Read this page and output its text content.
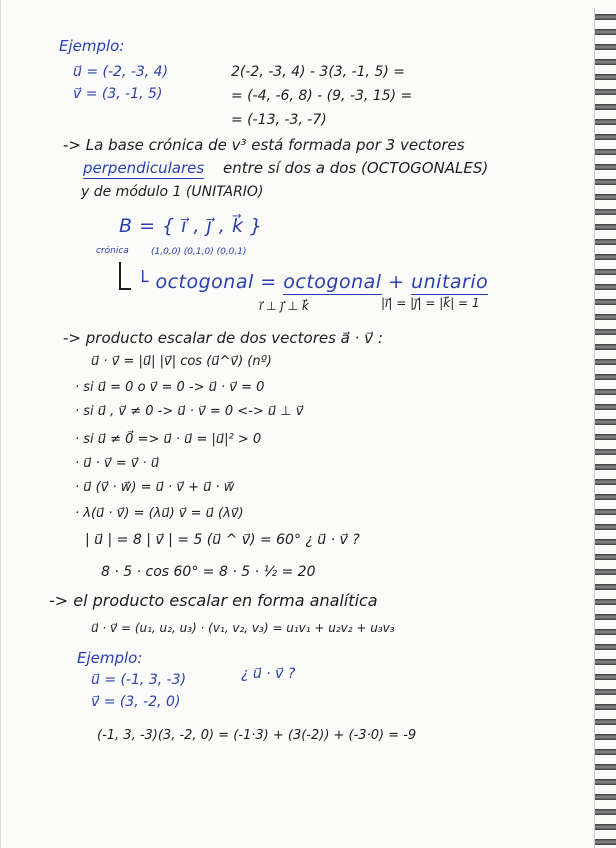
Ejemplo:
u⃗ = (-2, -3, 4)
v⃗ = (3, -1, 5)
2(-2, -3, 4) - 3(3, -1, 5) =
= (-4, -6, 8) - (9, -3, 15) =
= (-13, -3, -7)
-> La base crónica de v³ está formada por 3 vectores
perpendiculares entre sí dos a dos (OCTOGONALES)
y de módulo 1 (UNITARIO)
B = { i⃗ , j⃗ , k⃗ }
crónica (1,0,0) (0,1,0) (0,0,1)
└ octogonal = octogonal + unitario
i⃗ ⊥ j⃗ ⊥ k⃗	|i⃗| = |j⃗| = |k⃗| = 1
-> producto escalar de dos vectores a⃗ · v⃗ :
u⃗ · v⃗ = |u⃗| |v⃗| cos (u⃗^v⃗) (nº)
· si u⃗ = 0 o v⃗ = 0 -> u⃗ · v⃗ = 0
· si u⃗ , v⃗ ≠ 0 -> u⃗ · v⃗ = 0 <-> u⃗ ⊥ v⃗
· si u⃗ ≠ 0⃗ => u⃗ · u⃗ = |u⃗|² > 0
· u⃗ · v⃗ = v⃗ · u⃗
· u⃗ (v⃗ · w⃗) = u⃗ · v⃗ + u⃗ · w⃗
· λ(u⃗ · v⃗) = (λu⃗) v⃗ = u⃗ (λv⃗)
| u⃗ | = 8 | v⃗ | = 5 (u⃗ ^ v⃗) = 60° ¿ u⃗ · v⃗ ?
8 · 5 · cos 60° = 8 · 5 · ½ = 20
-> el producto escalar en forma analítica
u⃗ · v⃗ = (u₁, u₂, u₃) · (v₁, v₂, v₃) = u₁v₁ + u₂v₂ + u₃v₃
Ejemplo:
u⃗ = (-1, 3, -3)	¿ u⃗ · v⃗ ?
v⃗ = (3, -2, 0)
(-1, 3, -3)(3, -2, 0) = (-1·3) + (3(-2)) + (-3·0) = -9
